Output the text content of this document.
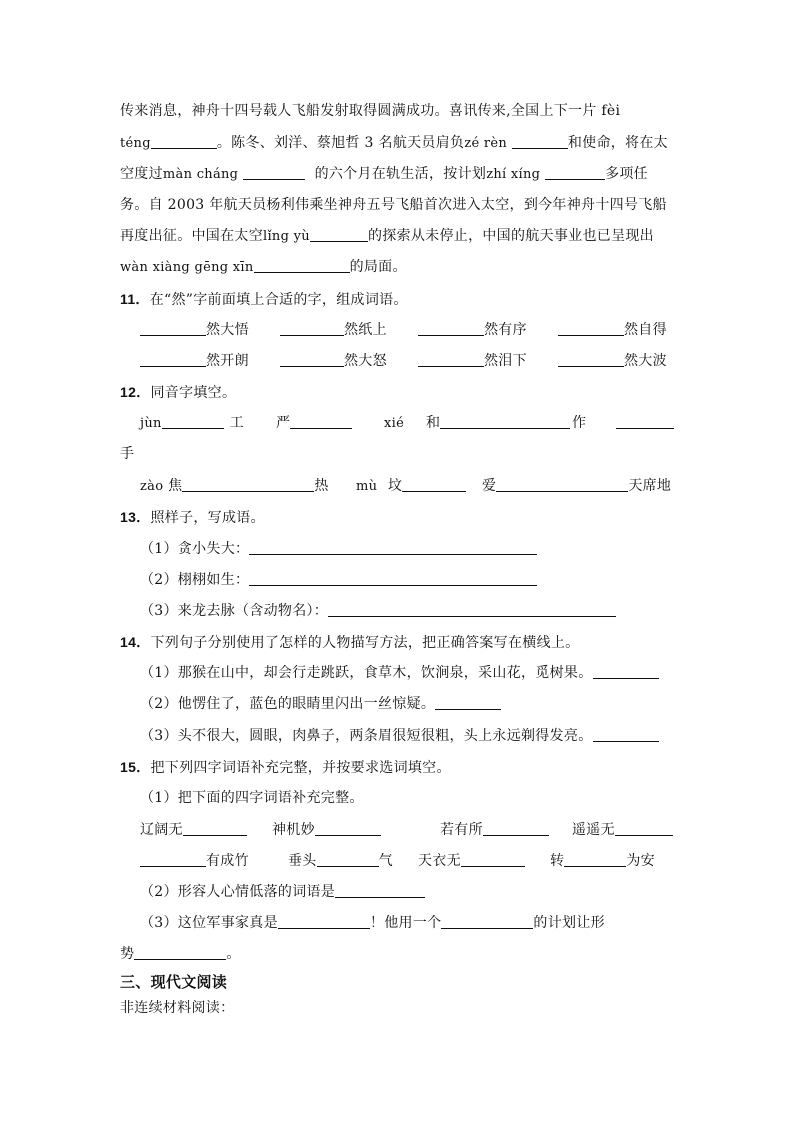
传来消息，神舟十四号载人飞船发射取得圆满成功。喜讯传来,全国上下一片 fèi
téng	。陈冬、刘洋、蔡旭哲 3 名航天员肩负zé rèn	和使命，将在太
空度过màn cháng	的六个月在轨生活，按计划zhí xíng	多项任
务。自 2003 年航天员杨利伟乘坐神舟五号飞船首次进入太空，到今年神舟十四号飞船
再度出征。中国在太空lǐng yù	的探索从未停止，中国的航天事业也已呈现出
wàn xiàng gēng xīn	的局面。
11．在“然”字前面填上合适的字，组成词语。
然大悟	然纸上	然有序	然自得
然开朗	然大怒	然泪下	然大波
12．同音字填空。
jùn	工 严	xié 和	作
手
zào 焦	热 mù 坟	爱	天席地
13．照样子，写成语。
（1）贪小失大：
（2）栩栩如生：
（3）来龙去脉（含动物名）：
14．下列句子分别使用了怎样的人物描写方法，把正确答案写在横线上。
（1）那猴在山中，却会行走跳跃，食草木，饮涧泉，采山花，觅树果。
（2）他愣住了，蓝色的眼睛里闪出一丝惊疑。
（3）头不很大，圆眼，肉鼻子，两条眉很短很粗，头上永远剃得发亮。
15．把下列四字词语补充完整，并按要求选词填空。
（1）把下面的四字词语补充完整。
辽阔无	神机妙	若有所	遥遥无
有成竹	垂头	气 天衣无	转	为安
（2）形容人心情低落的词语是
（3）这位军事家真是	！他用一个	的计划让形
势	。
三、现代文阅读
非连续材料阅读：
